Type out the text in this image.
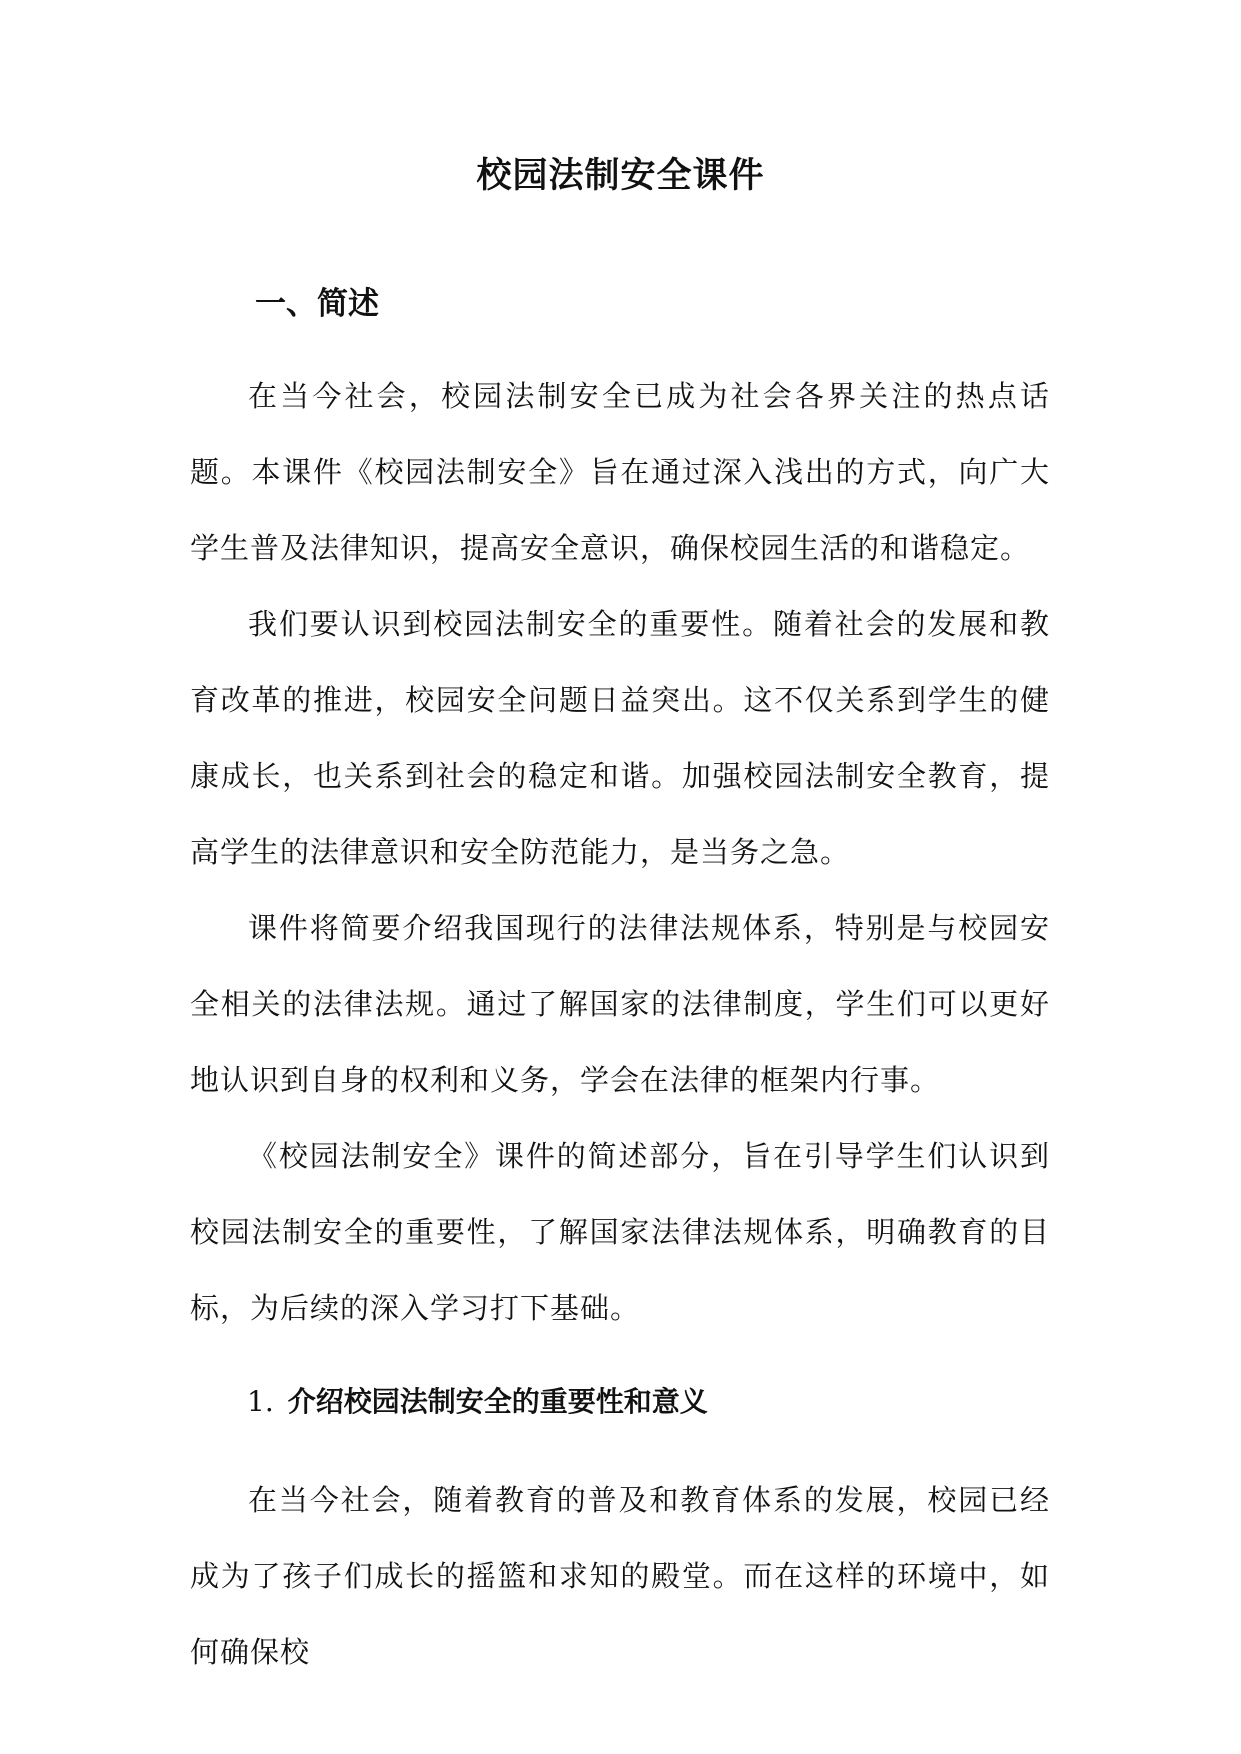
校园法制安全课件
一、简述

在当今社会，校园法制安全已成为社会各界关注的热点话题。本课件《校园法制安全》旨在通过深入浅出的方式，向广大学生普及法律知识，提高安全意识，确保校园生活的和谐稳定。

我们要认识到校园法制安全的重要性。随着社会的发展和教育改革的推进，校园安全问题日益突出。这不仅关系到学生的健康成长，也关系到社会的稳定和谐。加强校园法制安全教育，提高学生的法律意识和安全防范能力，是当务之急。

课件将简要介绍我国现行的法律法规体系，特别是与校园安全相关的法律法规。通过了解国家的法律制度，学生们可以更好地认识到自身的权利和义务，学会在法律的框架内行事。

《校园法制安全》课件的简述部分，旨在引导学生们认识到校园法制安全的重要性，了解国家法律法规体系，明确教育的目标，为后续的深入学习打下基础。

1. 介绍校园法制安全的重要性和意义

在当今社会，随着教育的普及和教育体系的发展，校园已经成为了孩子们成长的摇篮和求知的殿堂。而在这样的环境中，如何确保校
